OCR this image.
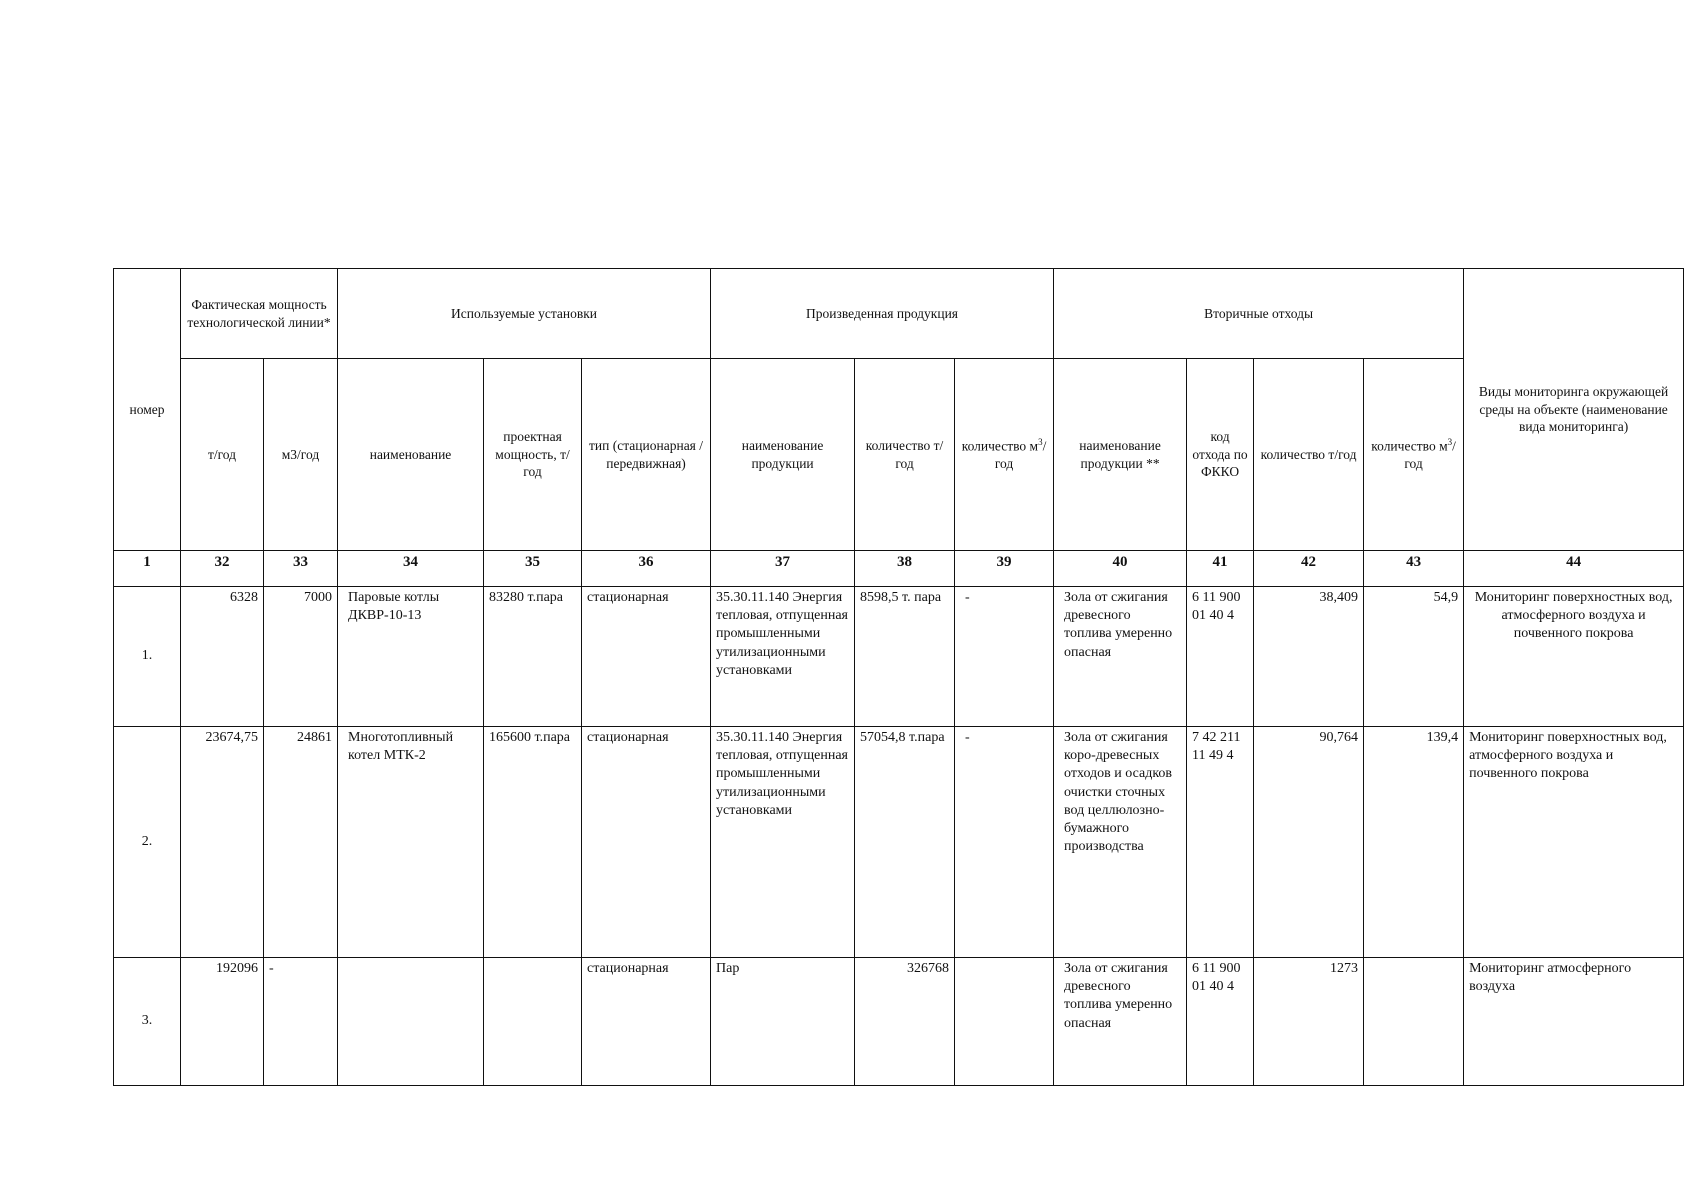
номер	Фактическая мощность технологической линии*		Используемые установки			Произведенная продукция			Вторичные отходы				Виды мониторинга окружающей среды на объекте (наименование вида мониторинга)
	т/год	м3/год	наименование	проектная мощность, т/год	тип (стационарная / передвижная)	наименование продукции	количество т/год	количество $м^3$/год	наименование продукции **	код отхода по ФККО	количество т/год	количество $м^3$/год	
1	32	33	34	35	36	37	38	39	40	41	42	43	44
1.	6328	7000	Паровые котлы ДКВР-10-13	83280 т.пара	стационарная	35.30.11.140 Энергия тепловая, отпущенная промышленными утилизационными установками	8598,5 т. пара	-	Зола от сжигания древесного топлива умеренно опасная	6 11 900 01 40 4	38,409	54,9	Мониторинг поверхностных вод, атмосферного воздуха и почвенного покрова
2.	23674,75	24861	Многотопливный котел МТК-2	165600 т.пара	стационарная	35.30.11.140 Энергия тепловая, отпущенная промышленными утилизационными установками	57054,8 т.пара	-	Зола от сжигания коро-древесных отходов и осадков очистки сточных вод целлюлозно-бумажного производства	7 42 211 11 49 4	90,764	139,4	Мониторинг поверхностных вод, атмосферного воздуха и почвенного покрова
3.	192096	-			стационарная	Пар	326768		Зола от сжигания древесного топлива умеренно опасная	6 11 900 01 40 4	1273		Мониторинг атмосферного воздуха
